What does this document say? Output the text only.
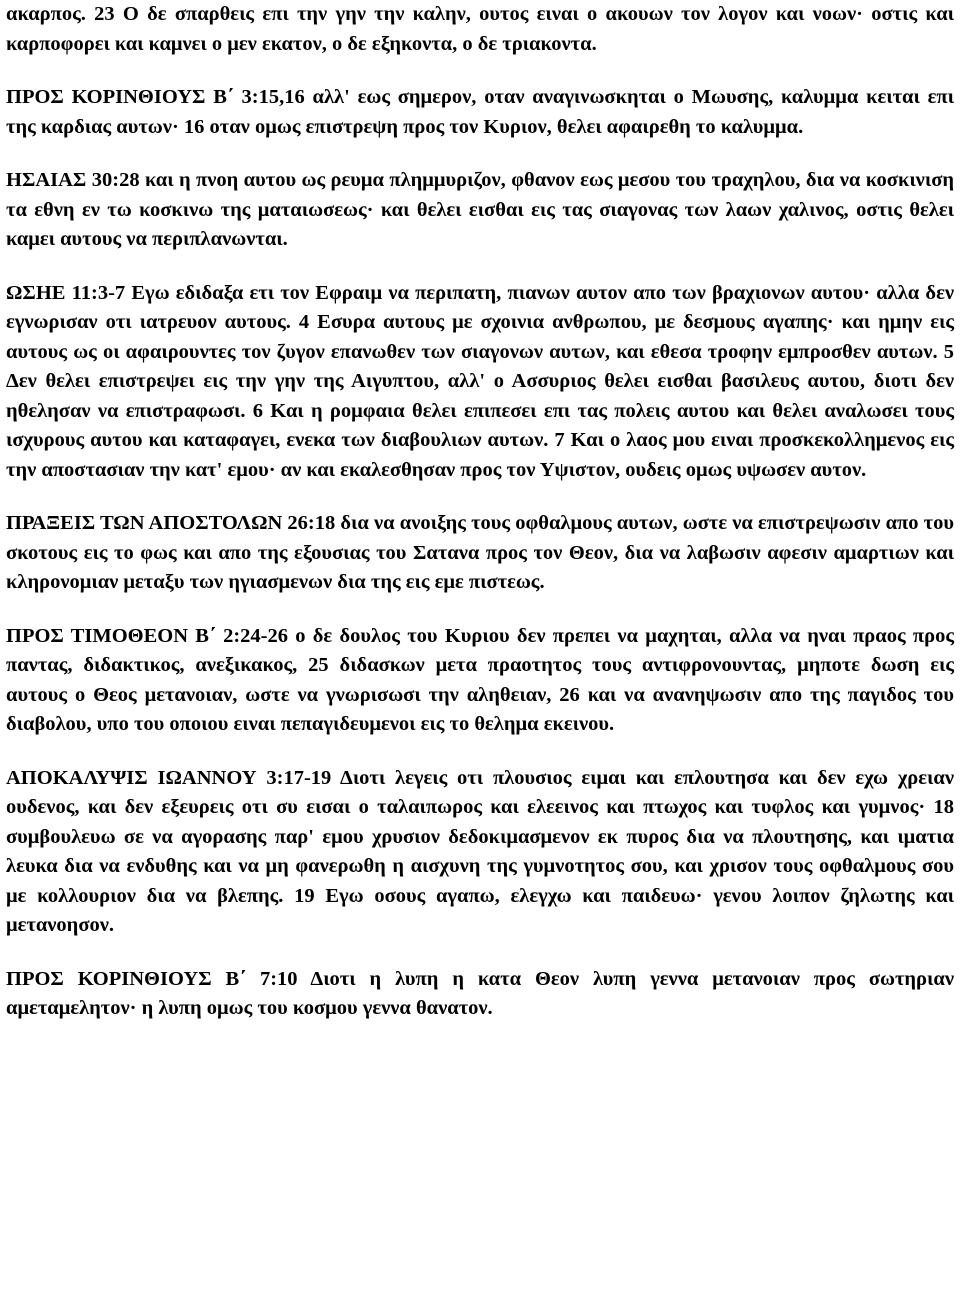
ακαρπος. 23 Ο δε σπαρθεις επι την γην την καλην, ουτος ειναι ο ακουων τον λογον και νοων· οστις και καρποφορει και καμνει ο μεν εκατον, ο δε εξηκοντα, ο δε τριακοντα.

ΠΡΟΣ ΚΟΡΙΝΘΙΟΥΣ Β΄ 3:15,16 αλλ' εως σημερον, οταν αναγινωσκηται ο Μωυσης, καλυμμα κειται επι της καρδιας αυτων· 16 οταν ομως επιστρεψη προς τον Κυριον, θελει αφαιρεθη το καλυμμα.

ΗΣΑΙΑΣ 30:28 και η πνοη αυτου ως ρευμα πλημμυριζον, φθανον εως μεσου του τραχηλου, δια να κοσκινιση τα εθνη εν τω κοσκινω της ματαιωσεως· και θελει εισθαι εις τας σιαγονας των λαων χαλινος, οστις θελει καμει αυτους να περιπλανωνται.

ΩΣΗΕ 11:3-7 Εγω εδιδαξα ετι τον Εφραιμ να περιπατη, πιανων αυτον απο των βραχιονων αυτου· αλλα δεν εγνωρισαν οτι ιατρευον αυτους. 4 Εσυρα αυτους με σχοινια ανθρωπου, με δεσμους αγαπης· και ημην εις αυτους ως οι αφαιρουντες τον ζυγον επανωθεν των σιαγονων αυτων, και εθεσα τροφην εμπροσθεν αυτων. 5 Δεν θελει επιστρεψει εις την γην της Αιγυπτου, αλλ' ο Ασσυριος θελει εισθαι βασιλευς αυτου, διοτι δεν ηθελησαν να επιστραφωσι. 6 Και η ρομφαια θελει επιπεσει επι τας πολεις αυτου και θελει αναλωσει τους ισχυρους αυτου και καταφαγει, ενεκα των διαβουλιων αυτων. 7 Και ο λαος μου ειναι προσκεκολλημενος εις την αποστασιαν την κατ' εμου· αν και εκαλεσθησαν προς τον Υψιστον, ουδεις ομως υψωσεν αυτον.

ΠΡΑΞΕΙΣ ΤΩΝ ΑΠΟΣΤΟΛΩΝ 26:18 δια να ανοιξης τους οφθαλμους αυτων, ωστε να επιστρεψωσιν απο του σκοτους εις το φως και απο της εξουσιας του Σατανα προς τον Θεον, δια να λαβωσιν αφεσιν αμαρτιων και κληρονομιαν μεταξυ των ηγιασμενων δια της εις εμε πιστεως.

ΠΡΟΣ ΤΙΜΟΘΕΟΝ Β΄ 2:24-26 ο δε δουλος του Κυριου δεν πρεπει να μαχηται, αλλα να ηναι πραος προς παντας, διδακτικος, ανεξικακος, 25 διδασκων μετα πραοτητος τους αντιφρονουντας, μηποτε δωση εις αυτους ο Θεος μετανοιαν, ωστε να γνωρισωσι την αληθειαν, 26 και να ανανηψωσιν απο της παγιδος του διαβολου, υπο του οποιου ειναι πεπαγιδευμενοι εις το θελημα εκεινου.

ΑΠΟΚΑΛΥΨΙΣ ΙΩΑΝΝΟΥ 3:17-19 Διοτι λεγεις οτι πλουσιος ειμαι και επλουτησα και δεν εχω χρειαν ουδενος, και δεν εξευρεις οτι συ εισαι ο ταλαιπωρος και ελεεινος και πτωχος και τυφλος και γυμνος· 18 συμβουλευω σε να αγορασης παρ' εμου χρυσιον δεδοκιμασμενον εκ πυρος δια να πλουτησης, και ιματια λευκα δια να ενδυθης και να μη φανερωθη η αισχυνη της γυμνοτητος σου, και χρισον τους οφθαλμους σου με κολλουριον δια να βλεπης. 19 Εγω οσους αγαπω, ελεγχω και παιδευω· γενου λοιπον ζηλωτης και μετανοησον.

ΠΡΟΣ ΚΟΡΙΝΘΙΟΥΣ Β΄ 7:10 Διοτι η λυπη η κατα Θεον λυπη γεννα μετανοιαν προς σωτηριαν αμεταμελητον· η λυπη ομως του κοσμου γεννα θανατον.
